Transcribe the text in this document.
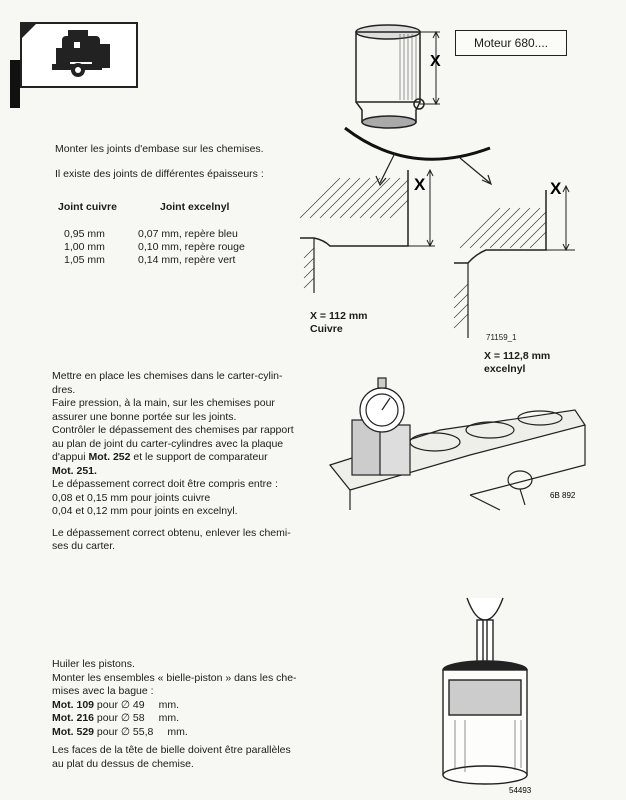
Moteur 680....
X
X	X
X = 112 mm
Cuivre
71159_1
X = 112,8 mm
excelnyl

Monter les joints d'embase sur les chemises.

Il existe des joints de différentes épaisseurs :

Joint cuivre	Joint excelnyl
0,95 mm	0,07 mm, repère bleu
1,00 mm	0,10 mm, repère rouge
1,05 mm	0,14 mm, repère vert

Mettre en place les chemises dans le carter-cylin-

dres.

Faire pression, à la main, sur les chemises pour

assurer une bonne portée sur les joints.

Contrôler le dépassement des chemises par rapport

au plan de joint du carter-cylindres avec la plaque

d'appui Mot. 252 et le support de comparateur

Mot. 251.

Le dépassement correct doit être compris entre :

0,08 et 0,15 mm pour joints cuivre

0,04 et 0,12 mm pour joints en excelnyl.

Le dépassement correct obtenu, enlever les chemi-

ses du carter.

6B 892

Huiler les pistons.

Monter les ensembles « bielle-piston » dans les che-

mises avec la bague :

Mot. 109 pour ∅ 49 mm.

Mot. 216 pour ∅ 58 mm.

Mot. 529 pour ∅ 55,8 mm.

Les faces de la tête de bielle doivent être parallèles

au plat du dessus de chemise.

54493
